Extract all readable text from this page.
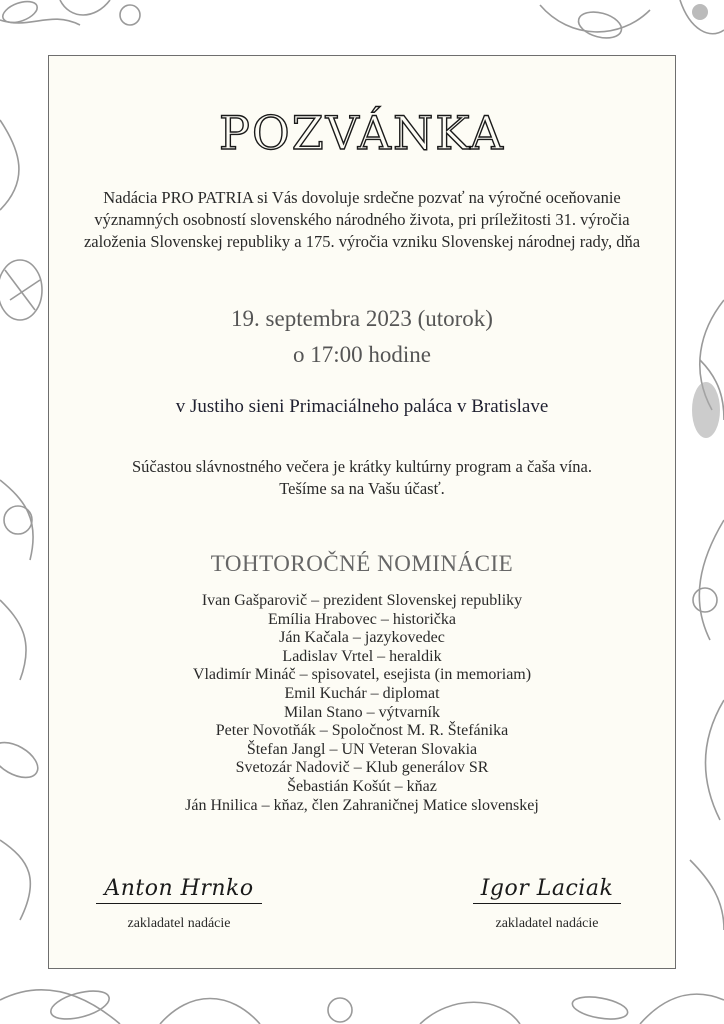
POZVÁNKA
Nadácia PRO PATRIA si Vás dovoluje srdečne pozvať na výročné oceňovanie významných osobností slovenského národného života, pri príležitosti 31. výročia založenia Slovenskej republiky a 175. výročia vzniku Slovenskej národnej rady, dňa
19. septembra 2023 (utorok)
o 17:00 hodine
v Justiho sieni Primaciálneho paláca v Bratislave
Súčastou slávnostného večera je krátky kultúrny program a čaša vína.
Tešíme sa na Vašu účasť.
TOHTOROČNÉ NOMINÁCIE
Ivan Gašparovič – prezident Slovenskej republiky
Emília Hrabovec – historička
Ján Kačala – jazykovedec
Ladislav Vrtel – heraldik
Vladimír Mináč – spisovatel, esejista (in memoriam)
Emil Kuchár – diplomat
Milan Stano – výtvarník
Peter Novotňák – Spoločnost M. R. Štefánika
Štefan Jangl – UN Veteran Slovakia
Svetozár Nadovič – Klub generálov SR
Šebastián Košút – kňaz
Ján Hnilica – kňaz, člen Zahraničnej Matice slovenskej
Anton Hrnko
zakladatel nadácie
Igor Laciak
zakladatel nadácie
